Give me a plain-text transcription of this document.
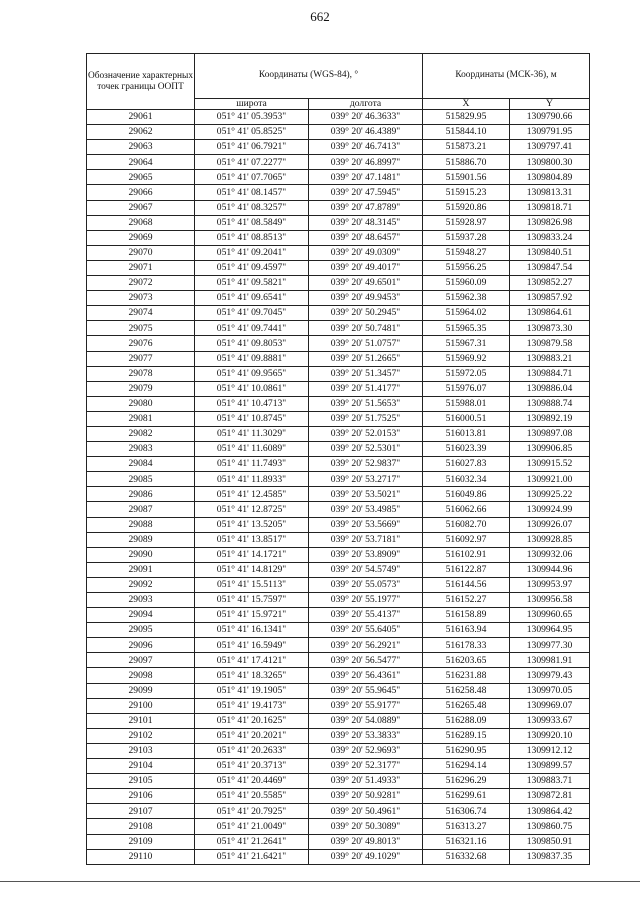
662
Обозначение характерных точек границы ООПТ	Координаты (WGS-84), °		Координаты (МСК-36), м	
	широта	долгота	X	Y
29061	051° 41' 05.3953"	039° 20' 46.3633"	515829.95	1309790.66
29062	051° 41' 05.8525"	039° 20' 46.4389"	515844.10	1309791.95
29063	051° 41' 06.7921"	039° 20' 46.7413"	515873.21	1309797.41
29064	051° 41' 07.2277"	039° 20' 46.8997"	515886.70	1309800.30
29065	051° 41' 07.7065"	039° 20' 47.1481"	515901.56	1309804.89
29066	051° 41' 08.1457"	039° 20' 47.5945"	515915.23	1309813.31
29067	051° 41' 08.3257"	039° 20' 47.8789"	515920.86	1309818.71
29068	051° 41' 08.5849"	039° 20' 48.3145"	515928.97	1309826.98
29069	051° 41' 08.8513"	039° 20' 48.6457"	515937.28	1309833.24
29070	051° 41' 09.2041"	039° 20' 49.0309"	515948.27	1309840.51
29071	051° 41' 09.4597"	039° 20' 49.4017"	515956.25	1309847.54
29072	051° 41' 09.5821"	039° 20' 49.6501"	515960.09	1309852.27
29073	051° 41' 09.6541"	039° 20' 49.9453"	515962.38	1309857.92
29074	051° 41' 09.7045"	039° 20' 50.2945"	515964.02	1309864.61
29075	051° 41' 09.7441"	039° 20' 50.7481"	515965.35	1309873.30
29076	051° 41' 09.8053"	039° 20' 51.0757"	515967.31	1309879.58
29077	051° 41' 09.8881"	039° 20' 51.2665"	515969.92	1309883.21
29078	051° 41' 09.9565"	039° 20' 51.3457"	515972.05	1309884.71
29079	051° 41' 10.0861"	039° 20' 51.4177"	515976.07	1309886.04
29080	051° 41' 10.4713"	039° 20' 51.5653"	515988.01	1309888.74
29081	051° 41' 10.8745"	039° 20' 51.7525"	516000.51	1309892.19
29082	051° 41' 11.3029"	039° 20' 52.0153"	516013.81	1309897.08
29083	051° 41' 11.6089"	039° 20' 52.5301"	516023.39	1309906.85
29084	051° 41' 11.7493"	039° 20' 52.9837"	516027.83	1309915.52
29085	051° 41' 11.8933"	039° 20' 53.2717"	516032.34	1309921.00
29086	051° 41' 12.4585"	039° 20' 53.5021"	516049.86	1309925.22
29087	051° 41' 12.8725"	039° 20' 53.4985"	516062.66	1309924.99
29088	051° 41' 13.5205"	039° 20' 53.5669"	516082.70	1309926.07
29089	051° 41' 13.8517"	039° 20' 53.7181"	516092.97	1309928.85
29090	051° 41' 14.1721"	039° 20' 53.8909"	516102.91	1309932.06
29091	051° 41' 14.8129"	039° 20' 54.5749"	516122.87	1309944.96
29092	051° 41' 15.5113"	039° 20' 55.0573"	516144.56	1309953.97
29093	051° 41' 15.7597"	039° 20' 55.1977"	516152.27	1309956.58
29094	051° 41' 15.9721"	039° 20' 55.4137"	516158.89	1309960.65
29095	051° 41' 16.1341"	039° 20' 55.6405"	516163.94	1309964.95
29096	051° 41' 16.5949"	039° 20' 56.2921"	516178.33	1309977.30
29097	051° 41' 17.4121"	039° 20' 56.5477"	516203.65	1309981.91
29098	051° 41' 18.3265"	039° 20' 56.4361"	516231.88	1309979.43
29099	051° 41' 19.1905"	039° 20' 55.9645"	516258.48	1309970.05
29100	051° 41' 19.4173"	039° 20' 55.9177"	516265.48	1309969.07
29101	051° 41' 20.1625"	039° 20' 54.0889"	516288.09	1309933.67
29102	051° 41' 20.2021"	039° 20' 53.3833"	516289.15	1309920.10
29103	051° 41' 20.2633"	039° 20' 52.9693"	516290.95	1309912.12
29104	051° 41' 20.3713"	039° 20' 52.3177"	516294.14	1309899.57
29105	051° 41' 20.4469"	039° 20' 51.4933"	516296.29	1309883.71
29106	051° 41' 20.5585"	039° 20' 50.9281"	516299.61	1309872.81
29107	051° 41' 20.7925"	039° 20' 50.4961"	516306.74	1309864.42
29108	051° 41' 21.0049"	039° 20' 50.3089"	516313.27	1309860.75
29109	051° 41' 21.2641"	039° 20' 49.8013"	516321.16	1309850.91
29110	051° 41' 21.6421"	039° 20' 49.1029"	516332.68	1309837.35
